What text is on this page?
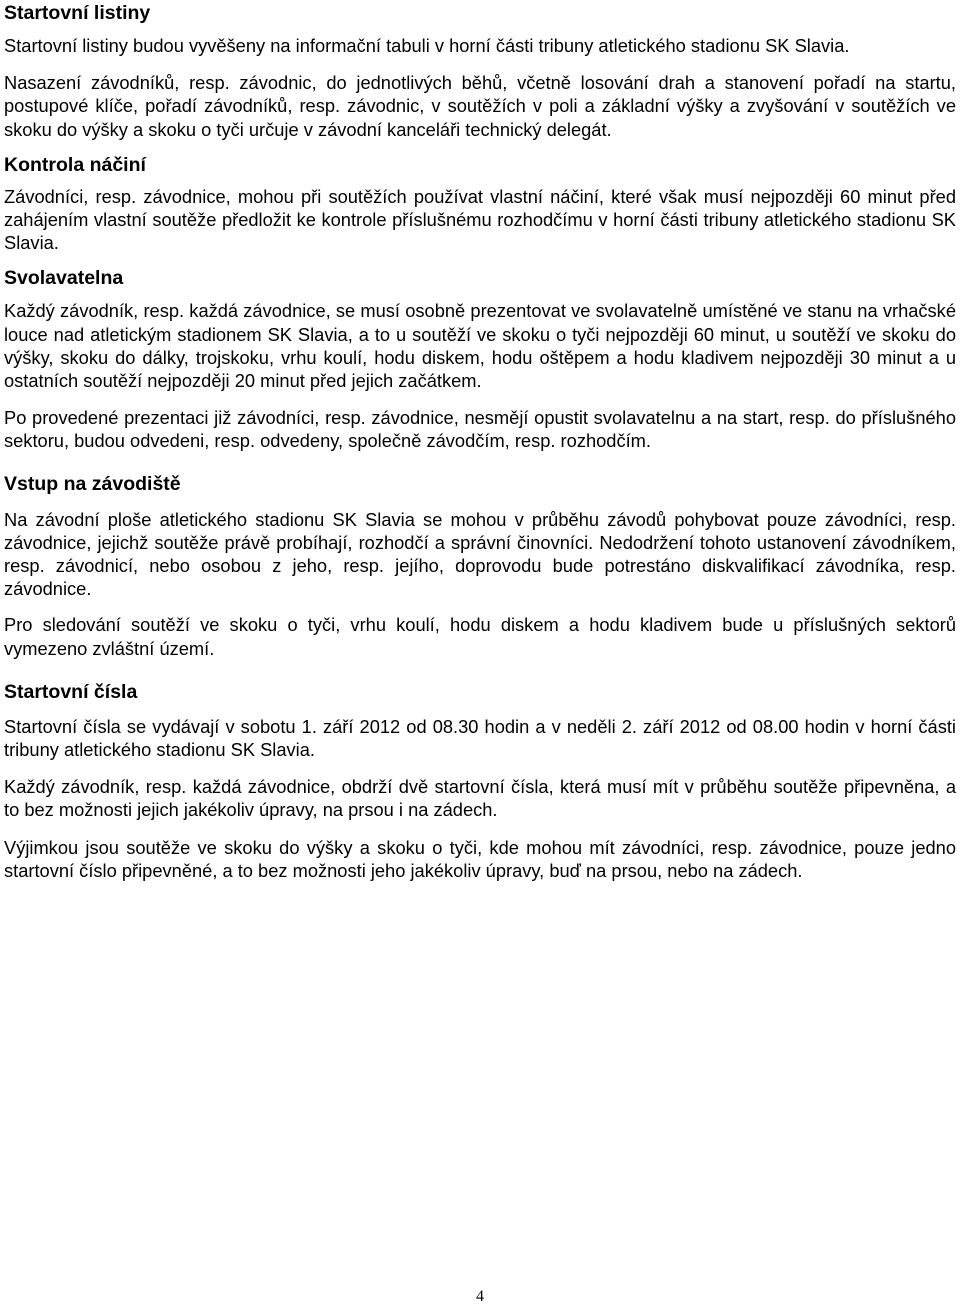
Startovní listiny

Startovní listiny budou vyvěšeny na informační tabuli v horní části tribuny atletického stadionu SK Slavia.

Nasazení závodníků, resp. závodnic, do jednotlivých běhů, včetně losování drah a stanovení pořadí na startu, postupové klíče, pořadí závodníků, resp. závodnic, v soutěžích v poli a základní výšky a zvyšování v soutěžích ve skoku do výšky a skoku o tyči určuje v závodní kanceláři technický delegát.

Kontrola náčiní

Závodníci, resp. závodnice, mohou při soutěžích používat vlastní náčiní, které však musí nejpozději 60 minut před zahájením vlastní soutěže předložit ke kontrole příslušnému rozhodčímu v horní části tribuny atletického stadionu SK Slavia.

Svolavatelna

Každý závodník, resp. každá závodnice, se musí osobně prezentovat ve svolavatelně umístěné ve stanu na vrhačské louce nad atletickým stadionem SK Slavia, a to u soutěží ve skoku o tyči nejpozději 60 minut, u soutěží ve skoku do výšky, skoku do dálky, trojskoku, vrhu koulí, hodu diskem, hodu oštěpem a hodu kladivem nejpozději 30 minut a u ostatních soutěží nejpozději 20 minut před jejich začátkem.

Po provedené prezentaci již závodníci, resp. závodnice, nesmějí opustit svolavatelnu a na start, resp. do příslušného sektoru, budou odvedeni, resp. odvedeny, společně závodčím, resp. rozhodčím.

Vstup na závodiště

Na závodní ploše atletického stadionu SK Slavia se mohou v průběhu závodů pohybovat pouze závodníci, resp. závodnice, jejichž soutěže právě probíhají, rozhodčí a správní činovníci. Nedodržení tohoto ustanovení závodníkem, resp. závodnicí, nebo osobou z jeho, resp. jejího, doprovodu bude potrestáno diskvalifikací závodníka, resp. závodnice.

Pro sledování soutěží ve skoku o tyči, vrhu koulí, hodu diskem a hodu kladivem bude u příslušných sektorů vymezeno zvláštní území.

Startovní čísla

Startovní čísla se vydávají v sobotu 1. září 2012 od 08.30 hodin a v neděli 2. září 2012 od 08.00 hodin v horní části tribuny atletického stadionu SK Slavia.

Každý závodník, resp. každá závodnice, obdrží dvě startovní čísla, která musí mít v průběhu soutěže připevněna, a to bez možnosti jejich jakékoliv úpravy, na prsou i na zádech.

Výjimkou jsou soutěže ve skoku do výšky a skoku o tyči, kde mohou mít závodníci, resp. závodnice, pouze jedno startovní číslo připevněné, a to bez možnosti jeho jakékoliv úpravy, buď na prsou, nebo na zádech.

4
